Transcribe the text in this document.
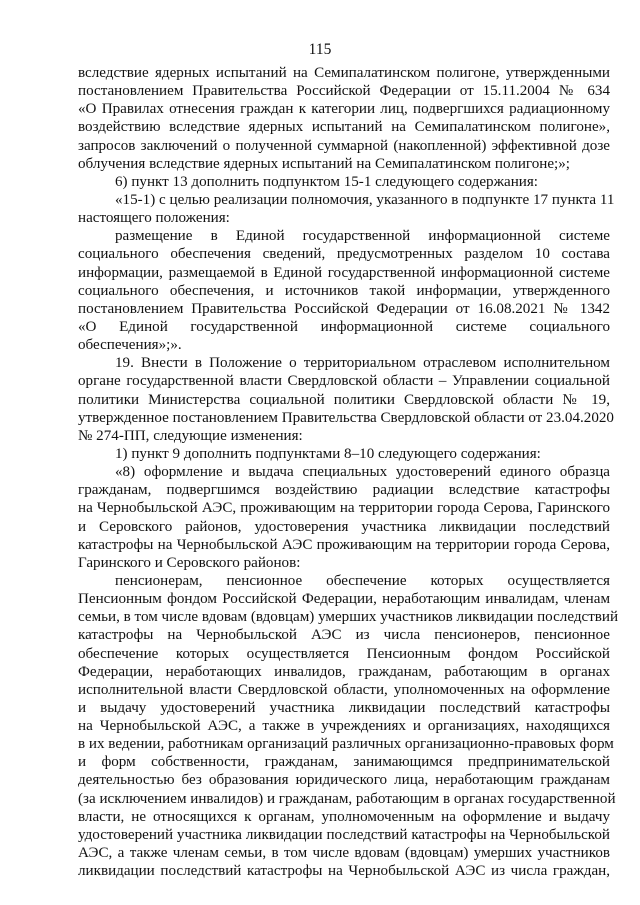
115
вследствие ядерных испытаний на Семипалатинском полигоне, утвержденными
постановлением Правительства Российской Федерации от 15.11.2004 № 634
«О Правилах отнесения граждан к категории лиц, подвергшихся радиационному
воздействию вследствие ядерных испытаний на Семипалатинском полигоне»,
запросов заключений о полученной суммарной (накопленной) эффективной дозе
облучения вследствие ядерных испытаний на Семипалатинском полигоне;»;
6) пункт 13 дополнить подпунктом 15-1 следующего содержания:
«15-1) с целью реализации полномочия, указанного в подпункте 17 пункта 11
настоящего положения:
размещение в Единой государственной информационной системе
социального обеспечения сведений, предусмотренных разделом 10 состава
информации, размещаемой в Единой государственной информационной системе
социального обеспечения, и источников такой информации, утвержденного
постановлением Правительства Российской Федерации от 16.08.2021 № 1342
«О Единой государственной информационной системе социального
обеспечения»;».
19. Внести в Положение о территориальном отраслевом исполнительном
органе государственной власти Свердловской области – Управлении социальной
политики Министерства социальной политики Свердловской области № 19,
утвержденное постановлением Правительства Свердловской области от 23.04.2020
№ 274-ПП, следующие изменения:
1) пункт 9 дополнить подпунктами 8–10 следующего содержания:
«8) оформление и выдача специальных удостоверений единого образца
гражданам, подвергшимся воздействию радиации вследствие катастрофы
на Чернобыльской АЭС, проживающим на территории города Серова, Гаринского
и Серовского районов, удостоверения участника ликвидации последствий
катастрофы на Чернобыльской АЭС проживающим на территории города Серова,
Гаринского и Серовского районов:
пенсионерам, пенсионное обеспечение которых осуществляется
Пенсионным фондом Российской Федерации, неработающим инвалидам, членам
семьи, в том числе вдовам (вдовцам) умерших участников ликвидации последствий
катастрофы на Чернобыльской АЭС из числа пенсионеров, пенсионное
обеспечение которых осуществляется Пенсионным фондом Российской
Федерации, неработающих инвалидов, гражданам, работающим в органах
исполнительной власти Свердловской области, уполномоченных на оформление
и выдачу удостоверений участника ликвидации последствий катастрофы
на Чернобыльской АЭС, а также в учреждениях и организациях, находящихся
в их ведении, работникам организаций различных организационно-правовых форм
и форм собственности, гражданам, занимающимся предпринимательской
деятельностью без образования юридического лица, неработающим гражданам
(за исключением инвалидов) и гражданам, работающим в органах государственной
власти, не относящихся к органам, уполномоченным на оформление и выдачу
удостоверений участника ликвидации последствий катастрофы на Чернобыльской
АЭС, а также членам семьи, в том числе вдовам (вдовцам) умерших участников
ликвидации последствий катастрофы на Чернобыльской АЭС из числа граждан,
